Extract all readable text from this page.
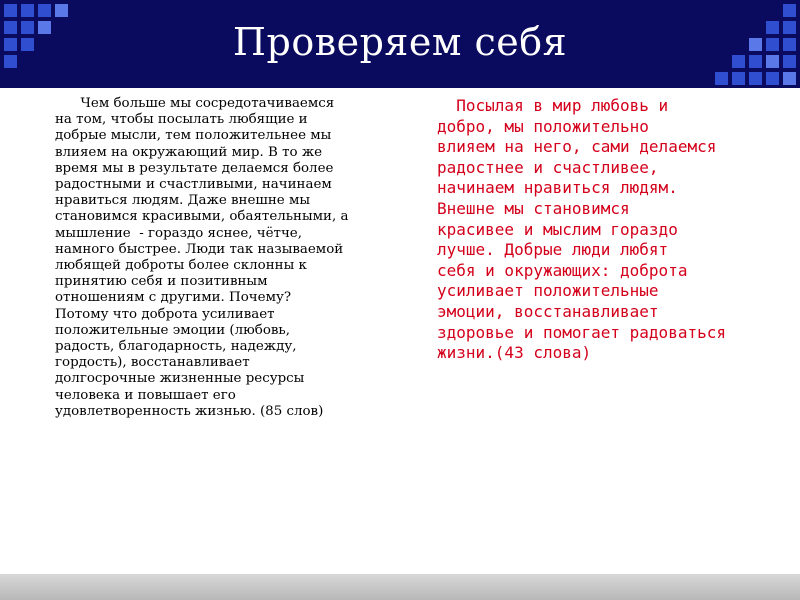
Проверяем себя

Чем больше мы сосредотачиваемся
на том, чтобы посылать любящие и
добрые мысли, тем положительнее мы
влияем на окружающий мир. В то же
время мы в результате делаемся более
радостными и счастливыми, начинаем
нравиться людям. Даже внешне мы
становимся красивыми, обаятельными, а
мышление  - гораздо яснее, чётче,
намного быстрее. Люди так называемой
любящей доброты более склонны к
принятию себя и позитивным
отношениям с другими. Почему?
Потому что доброта усиливает
положительные эмоции (любовь,
радость, благодарность, надежду,
гордость), восстанавливает
долгосрочные жизненные ресурсы
человека и повышает его
удовлетворенность жизнью. (85 слов)

Посылая в мир любовь и
добро, мы положительно
влияем на него, сами делаемся
радостнее и счастливее,
начинаем нравиться людям.
Внешне мы становимся
красивее и мыслим гораздо
лучше. Добрые люди любят
себя и окружающих: доброта
усиливает положительные
эмоции, восстанавливает
здоровье и помогает радоваться
жизни.(43 слова)
